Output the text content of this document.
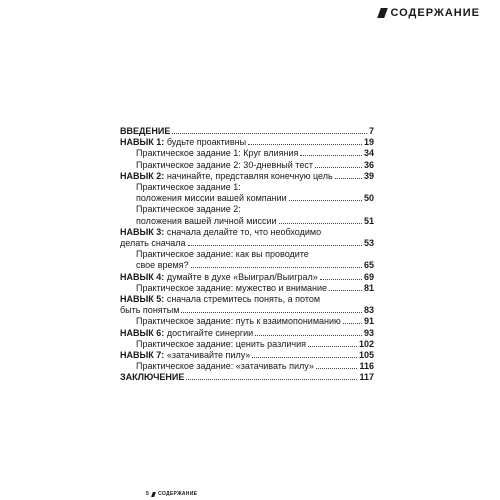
СОДЕРЖАНИЕ
ВВЕДЕНИЕ	7
НАВЫК 1: будьте проактивны	19
Практическое задание 1: Круг влияния	34
Практическое задание 2: 30-дневный тест	36
НАВЫК 2: начинайте, представляя конечную цель	39
Практическое задание 1:
положения миссии вашей компании	50
Практическое задание 2:
положения вашей личной миссии	51
НАВЫК 3: сначала делайте то, что необходимо
делать сначала	53
Практическое задание: как вы проводите
свое время?	65
НАВЫК 4: думайте в духе «Выиграл/Выиграл»	69
Практическое задание: мужество и внимание	81
НАВЫК 5: сначала стремитесь понять, а потом
быть понятым	83
Практическое задание: путь к взаимопониманию	91
НАВЫК 6: достигайте синергии	93
Практическое задание: ценить различия	102
НАВЫК 7: «затачивайте пилу»	105
Практическое задание: «затачивать пилу»	116
ЗАКЛЮЧЕНИЕ	117
5 СОДЕРЖАНИЕ
